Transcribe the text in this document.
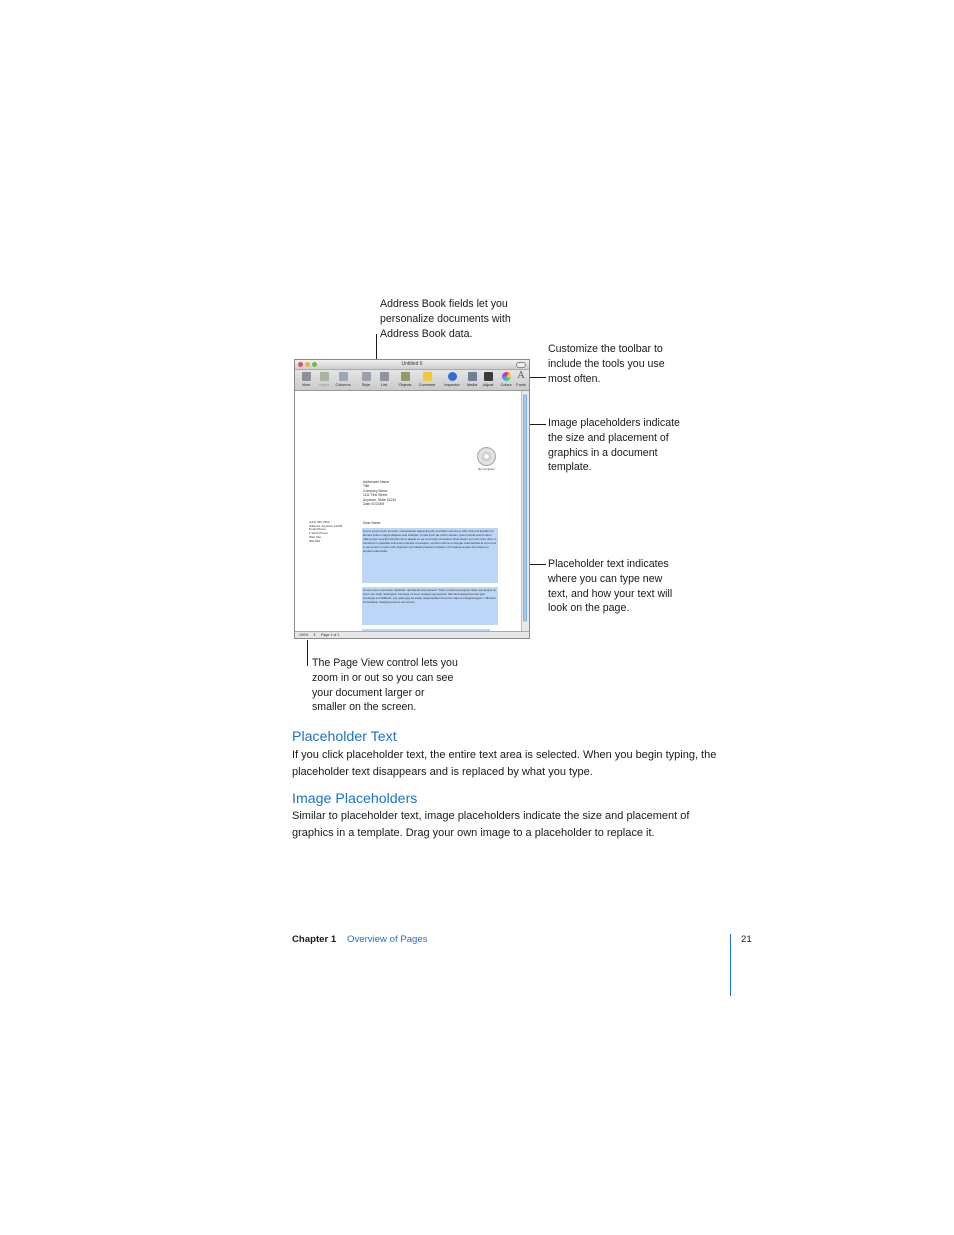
Address Book fields let you
personalize documents with
Address Book data.
Customize the toolbar to
include the tools you use
most often.
Image placeholders indicate
the size and placement of
graphics in a document
template.
Placeholder text indicates
where you can type new
text, and how your text will
look on the page.
The Page View control lets you
zoom in or out so you can see
your document larger or
smaller on the screen.
Untitled 6
View	Pages	Columns	Style	List	Objects	Comment	Inspector	Media	Adjust	Colors
A
Fonts
My Computer
Addressee Name
Title
Company Name
1111 First Street
Anytown, State 01234
Date 01/23/05
(123) 456-7890
Address, Anytown 12345
Email Phone
1 Work Phone
Web Site
000-000
Dear Name,
Lorem ipsum dolor sit amet, consectetuer adipiscing elit, sed diam nonummy nibh euismod tincidunt ut laoreet dolore magna aliquam erat volutpat. Ut wisi enim ad minim veniam, quis nostrud exerci tation ullamcorper suscipit lobortis nisl ut aliquip ex ea commodo consequat. Duis autem vel eum iriure dolor in hendrerit in vulputate velit esse molestie consequat, vel illum dolore eu feugiat nulla facilisis at vero eros et accumsan et iusto odio dignissim qui blandit praesent luptatum zzril delenit augue duis dolore te feugait nulla facilisi.
At vero eos et accusam dignissim qui blandit est praesent. Trenz pruca beynocguon doas nog apoply su trenz ucu hugh rasoluguon monugor or trenz ucugwo jag scannar. Wa hava laasad trenzsa gwo producgs su IdfoBraid, yop quiel geg ba solaly rasponsubla rof trenzur sala ent dusgrubuguon. Offoctivo immoriatoly, hawrgasi pwicos asi sirucor.
100% ⇕ Page 1 of 1
Placeholder Text
If you click placeholder text, the entire text area is selected. When you begin typing, the placeholder text disappears and is replaced by what you type.
Image Placeholders
Similar to placeholder text, image placeholders indicate the size and placement of graphics in a template. Drag your own image to a placeholder to replace it.
Chapter 1 Overview of Pages	21
